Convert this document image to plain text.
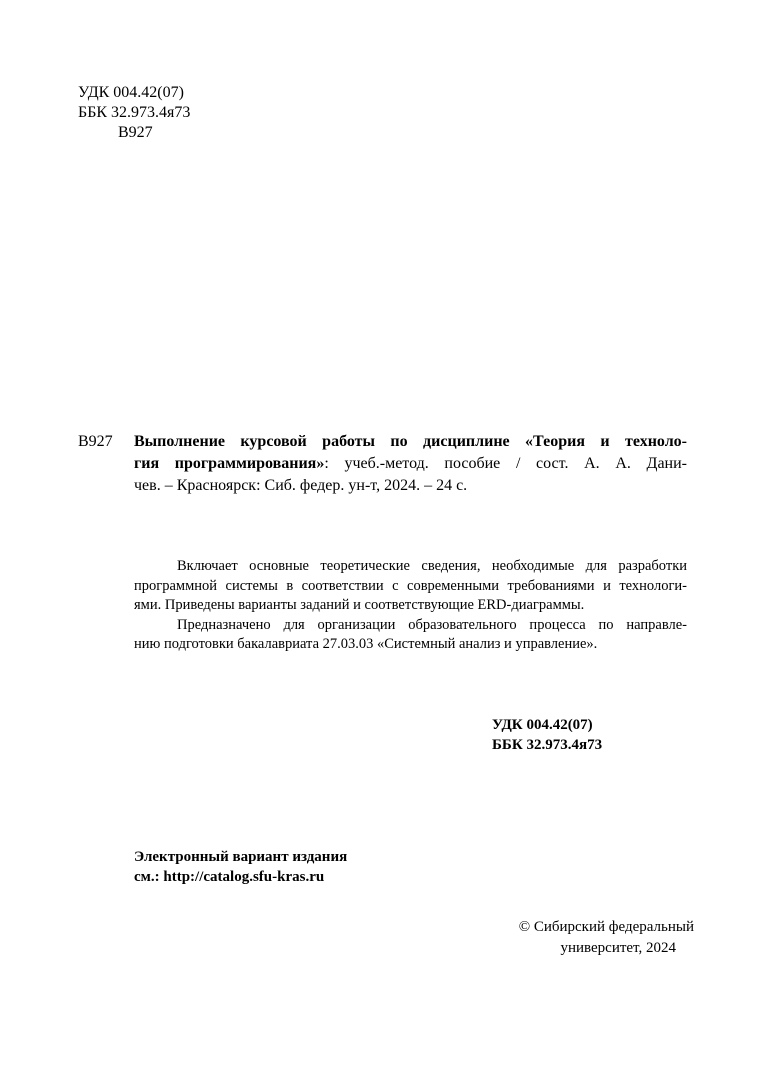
УДК 004.42(07)
ББК 32.973.4я73
В927
В927 Выполнение курсовой работы по дисциплине «Теория и техноло-
гия программирования»: учеб.-метод. пособие / сост. А. А. Дани-
чев. – Красноярск: Сиб. федер. ун-т, 2024. – 24 с.
Включает основные теоретические сведения, необходимые для разработки
программной системы в соответствии с современными требованиями и технологи-
ями. Приведены варианты заданий и соответствующие ERD-диаграммы.
Предназначено для организации образовательного процесса по направле-
нию подготовки бакалавриата 27.03.03 «Системный анализ и управление».
УДК 004.42(07)
ББК 32.973.4я73
Электронный вариант издания
см.: http://catalog.sfu-kras.ru
© Сибирский федеральный
университет, 2024
